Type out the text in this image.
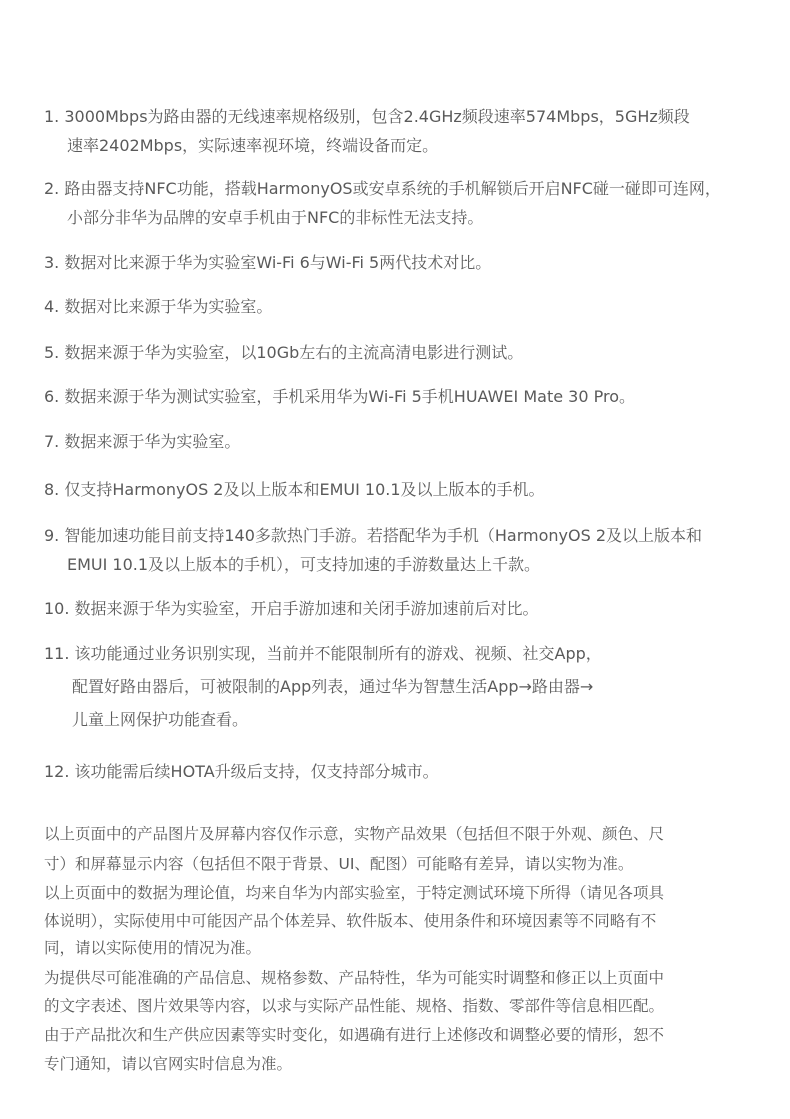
1. 3000Mbps为路由器的无线速率规格级别，包含2.4GHz频段速率574Mbps，5GHz频段
速率2402Mbps，实际速率视环境，终端设备而定。
2. 路由器支持NFC功能，搭载HarmonyOS或安卓系统的手机解锁后开启NFC碰一碰即可连网，
小部分非华为品牌的安卓手机由于NFC的非标性无法支持。
3. 数据对比来源于华为实验室Wi-Fi 6与Wi-Fi 5两代技术对比。
4. 数据对比来源于华为实验室。
5. 数据来源于华为实验室，以10Gb左右的主流高清电影进行测试。
6. 数据来源于华为测试实验室，手机采用华为Wi-Fi 5手机HUAWEI Mate 30 Pro。
7. 数据来源于华为实验室。
8. 仅支持HarmonyOS 2及以上版本和EMUI 10.1及以上版本的手机。
9. 智能加速功能目前支持140多款热门手游。若搭配华为手机（HarmonyOS 2及以上版本和
EMUI 10.1及以上版本的手机），可支持加速的手游数量达上千款。
10. 数据来源于华为实验室，开启手游加速和关闭手游加速前后对比。
11. 该功能通过业务识别实现，当前并不能限制所有的游戏、视频、社交App，
配置好路由器后，可被限制的App列表，通过华为智慧生活App→路由器→
儿童上网保护功能查看。
12. 该功能需后续HOTA升级后支持，仅支持部分城市。
以上页面中的产品图片及屏幕内容仅作示意，实物产品效果（包括但不限于外观、颜色、尺
寸）和屏幕显示内容（包括但不限于背景、UI、配图）可能略有差异，请以实物为准。
以上页面中的数据为理论值，均来自华为内部实验室，于特定测试环境下所得（请见各项具
体说明），实际使用中可能因产品个体差异、软件版本、使用条件和环境因素等不同略有不
同，请以实际使用的情况为准。
为提供尽可能准确的产品信息、规格参数、产品特性，华为可能实时调整和修正以上页面中
的文字表述、图片效果等内容，以求与实际产品性能、规格、指数、零部件等信息相匹配。
由于产品批次和生产供应因素等实时变化，如遇确有进行上述修改和调整必要的情形，恕不
专门通知，请以官网实时信息为准。
